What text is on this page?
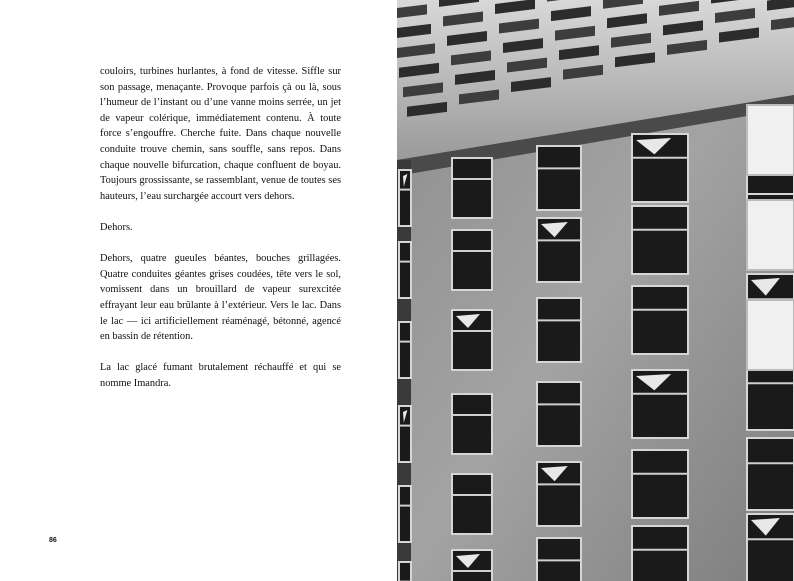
couloirs, turbines hurlantes, à fond de vitesse. Siffle sur son passage, menaçante. Provoque parfois çà ou là, sous l’humeur de l’instant ou d’une vanne moins serrée, un jet de vapeur colérique, immédiatement contenu. À toute force s’engouffre. Cherche fuite. Dans chaque nouvelle conduite trouve chemin, sans souffle, sans repos. Dans chaque nouvelle bifurcation, chaque confluent de boyau. Toujours grossissante, se rassemblant, venue de toutes ses hauteurs, l’eau surchargée accourt vers dehors.

Dehors.

Dehors, quatre gueules béantes, bouches grillagées. Quatre conduites géantes grises coudées, tête vers le sol, vomissent dans un brouillard de vapeur surexcitée effrayant leur eau brûlante à l’extérieur. Vers le lac. Dans le lac — ici artificiellement réaménagé, bétonné, agencé en bassin de rétention.

La lac glacé fumant brutalement réchauffé et qui se nomme Imandra.

86
